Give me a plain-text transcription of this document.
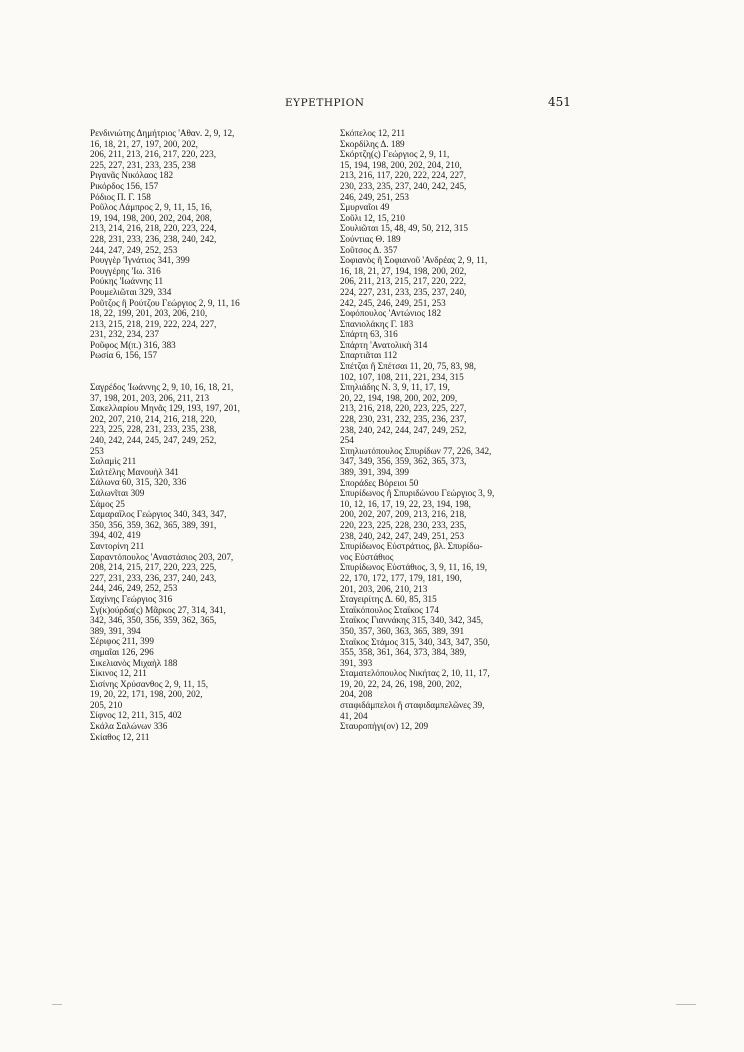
ΕΥΡΕΤΗΡΙΟΝ	451
Ρενδινιώτης Δημήτριος 'Αθαν. 2, 9, 12,
16, 18, 21, 27, 197, 200, 202,
206, 211, 213, 216, 217, 220, 223,
225, 227, 231, 233, 235, 238
Ριγανᾶς Νικόλαος 182
Ρικόρδος 156, 157
Ρόδιος Π. Γ. 158
Ροῦλος Λάμπρος 2, 9, 11, 15, 16,
19, 194, 198, 200, 202, 204, 208,
213, 214, 216, 218, 220, 223, 224,
228, 231, 233, 236, 238, 240, 242,
244, 247, 249, 252, 253
Ρουγγὲρ 'Ιγνάτιος 341, 399
Ρουγγέρης 'Ιω. 316
Ρούκης 'Ιωάννης 11
Ρουμελιῶται 329, 334
Ροῦτζος ἢ Ρούτζου Γεώργιος 2, 9, 11, 16
18, 22, 199, 201, 203, 206, 210,
213, 215, 218, 219, 222, 224, 227,
231, 232, 234, 237
Ροῦφος Μ(π.) 316, 383
Ρωσία 6, 156, 157
Σαγρέδος 'Ιωάννης 2, 9, 10, 16, 18, 21,
37, 198, 201, 203, 206, 211, 213
Σακελλαρίου Μηνᾶς 129, 193, 197, 201,
202, 207, 210, 214, 216, 218, 220,
223, 225, 228, 231, 233, 235, 238,
240, 242, 244, 245, 247, 249, 252,
253
Σαλαμὶς 211
Σαλτέλης Μανουὴλ 341
Σάλωνα 60, 315, 320, 336
Σαλωνῖται 309
Σάμος 25
Σαμαραΐλος Γεώργιος 340, 343, 347,
350, 356, 359, 362, 365, 389, 391,
394, 402, 419
Σαντορίνη 211
Σαραντόπουλος 'Αναστάσιος 203, 207,
208, 214, 215, 217, 220, 223, 225,
227, 231, 233, 236, 237, 240, 243,
244, 246, 249, 252, 253
Σαχίνης Γεώργιος 316
Σγ(κ)ούρδα(ς) Μᾶρκος 27, 314, 341,
342, 346, 350, 356, 359, 362, 365,
389, 391, 394
Σέριφος 211, 399
σημαῖαι 126, 296
Σικελιανὸς Μιχαὴλ 188
Σίκινος 12, 211
Σισίνης Χρύσανθος 2, 9, 11, 15,
19, 20, 22, 171, 198, 200, 202,
205, 210
Σίφνος 12, 211, 315, 402
Σκάλα Σαλώνων 336
Σκίαθος 12, 211
Σκόπελος 12, 211
Σκορδίλης Δ. 189
Σκόρτζη(ς) Γεώργιος 2, 9, 11,
15, 194, 198, 200, 202, 204, 210,
213, 216, 117, 220, 222, 224, 227,
230, 233, 235, 237, 240, 242, 245,
246, 249, 251, 253
Σμυρναῖοι 49
Σοῦλι 12, 15, 210
Σουλιῶται 15, 48, 49, 50, 212, 315
Σούντιας Θ. 189
Σοῦτσος Δ. 357
Σοφιανὸς ἢ Σοφιανοῦ 'Ανδρέας 2, 9, 11,
16, 18, 21, 27, 194, 198, 200, 202,
206, 211, 213, 215, 217, 220, 222,
224, 227, 231, 233, 235, 237, 240,
242, 245, 246, 249, 251, 253
Σοφόπουλος 'Αντώνιος 182
Σπανιολάκης Γ. 183
Σπάρτη 63, 316
Σπάρτη 'Ανατολικὴ 314
Σπαρτιᾶται 112
Σπέτζαι ἢ Σπέτσαι 11, 20, 75, 83, 98,
102, 107, 108, 211, 221, 234, 315
Σπηλιάδης Ν. 3, 9, 11, 17, 19,
20, 22, 194, 198, 200, 202, 209,
213, 216, 218, 220, 223, 225, 227,
228, 230, 231, 232, 235, 236, 237,
238, 240, 242, 244, 247, 249, 252,
254
Σπηλιωτόπουλος Σπυρίδων 77, 226, 342,
347, 349, 356, 359, 362, 365, 373,
389, 391, 394, 399
Σποράδες Βόρειοι 50
Σπυρίδωνος ἢ Σπυριδώνου Γεώργιος 3, 9,
10, 12, 16, 17, 19, 22, 23, 194, 198,
200, 202, 207, 209, 213, 216, 218,
220, 223, 225, 228, 230, 233, 235,
238, 240, 242, 247, 249, 251, 253
Σπυρίδωνος Εὐστράτιος, βλ. Σπυρίδω-
νος Εὐστάθιος
Σπυρίδωνος Εὐστάθιος, 3, 9, 11, 16, 19,
22, 170, 172, 177, 179, 181, 190,
201, 203, 206, 210, 213
Σταγειρίτης Δ. 60, 85, 315
Σταϊκόπουλος Σταϊκος 174
Σταϊκος Γιαννάκης 315, 340, 342, 345,
350, 357, 360, 363, 365, 389, 391
Σταϊκος Στάμος 315, 340, 343, 347, 350,
355, 358, 361, 364, 373, 384, 389,
391, 393
Σταματελόπουλος Νικήτας 2, 10, 11, 17,
19, 20, 22, 24, 26, 198, 200, 202,
204, 208
σταφιδάμπελοι ἢ σταφιδαμπελῶνες 39,
41, 204
Σταυροπήγι(ον) 12, 209
